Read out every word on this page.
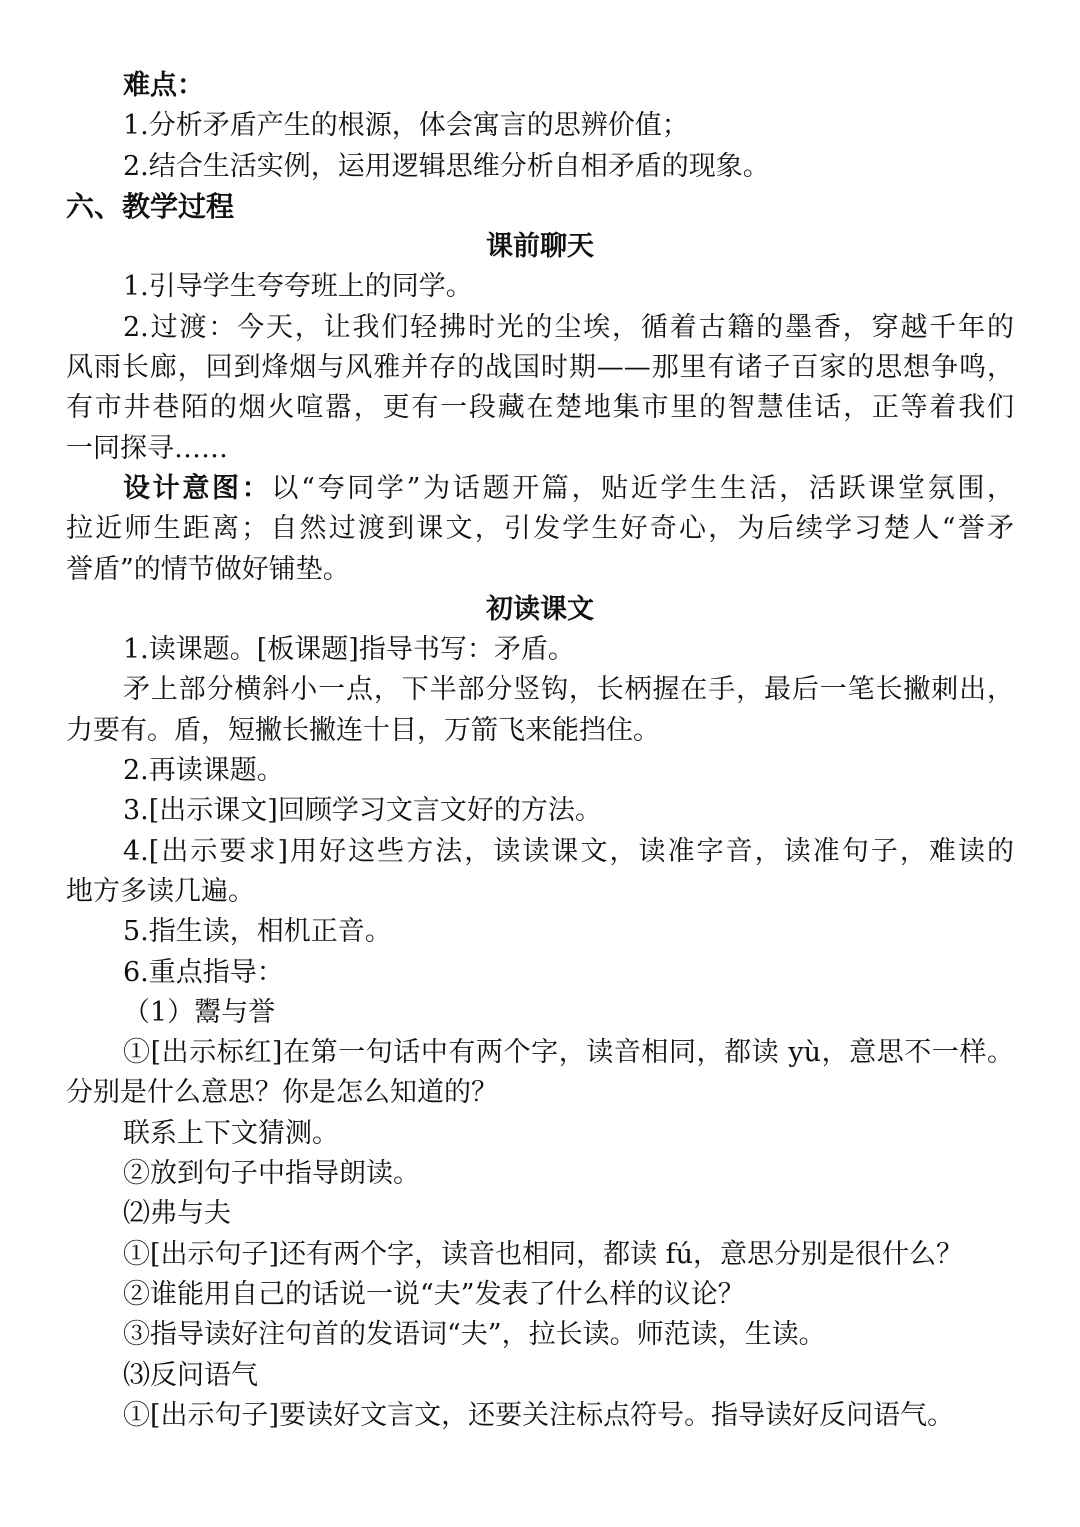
难点：

1.分析矛盾产生的根源，体会寓言的思辨价值；

2.结合生活实例，运用逻辑思维分析自相矛盾的现象。

六、教学过程

课前聊天

1.引导学生夸夸班上的同学。

2.过渡：今天，让我们轻拂时光的尘埃，循着古籍的墨香，穿越千年的

风雨长廊，回到烽烟与风雅并存的战国时期——那里有诸子百家的思想争鸣，

有市井巷陌的烟火喧嚣，更有一段藏在楚地集市里的智慧佳话，正等着我们

一同探寻……

设计意图：以“夸同学”为话题开篇，贴近学生生活，活跃课堂氛围，

拉近师生距离；自然过渡到课文，引发学生好奇心，为后续学习楚人“誉矛

誉盾”的情节做好铺垫。

初读课文

1.读课题。[板课题]指导书写：矛盾。

矛上部分横斜小一点，下半部分竖钩，长柄握在手，最后一笔长撇刺出，

力要有。盾，短撇长撇连十目，万箭飞来能挡住。

2.再读课题。

3.[出示课文]回顾学习文言文好的方法。

4.[出示要求]用好这些方法，读读课文，读准字音，读准句子，难读的

地方多读几遍。

5.指生读，相机正音。

6.重点指导：

（1）鬻与誉

①[出示标红]在第一句话中有两个字，读音相同，都读 yù，意思不一样。

分别是什么意思？你是怎么知道的？

联系上下文猜测。

②放到句子中指导朗读。

⑵弗与夫

①[出示句子]还有两个字，读音也相同，都读 fú，意思分别是很什么？

②谁能用自己的话说一说“夫”发表了什么样的议论？

③指导读好注句首的发语词“夫”，拉长读。师范读，生读。

⑶反问语气

①[出示句子]要读好文言文，还要关注标点符号。指导读好反问语气。
